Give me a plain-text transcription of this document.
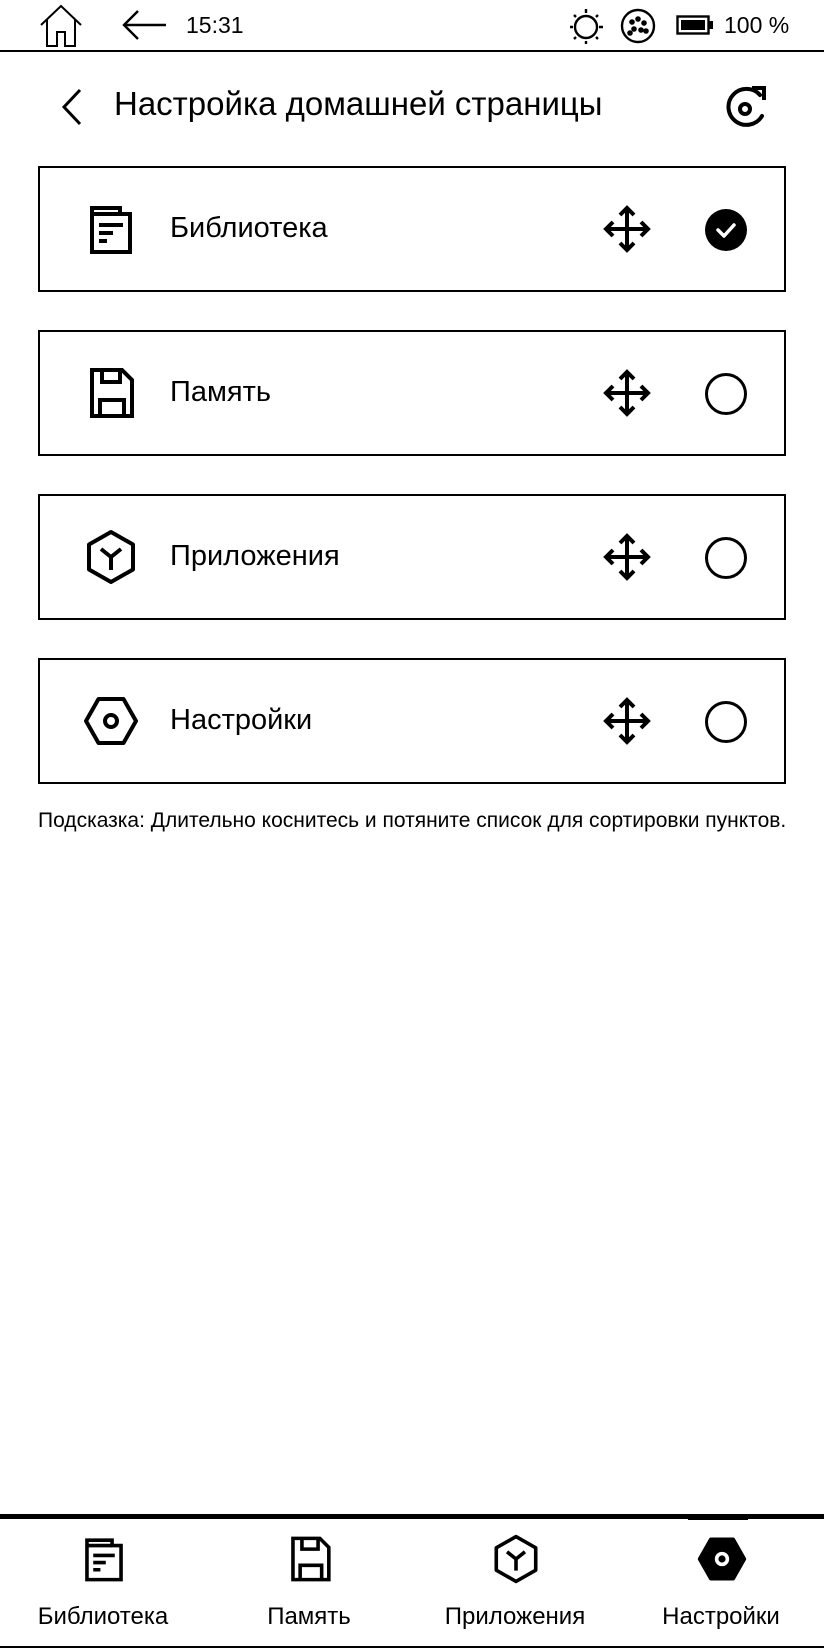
15:31	100 %
Настройка домашней страницы
Библиотека
Память
Приложения
Настройки
Подсказка: Длительно коснитесь и потяните список для сортировки пунктов.
Библиотека	Память	Приложения	Настройки
